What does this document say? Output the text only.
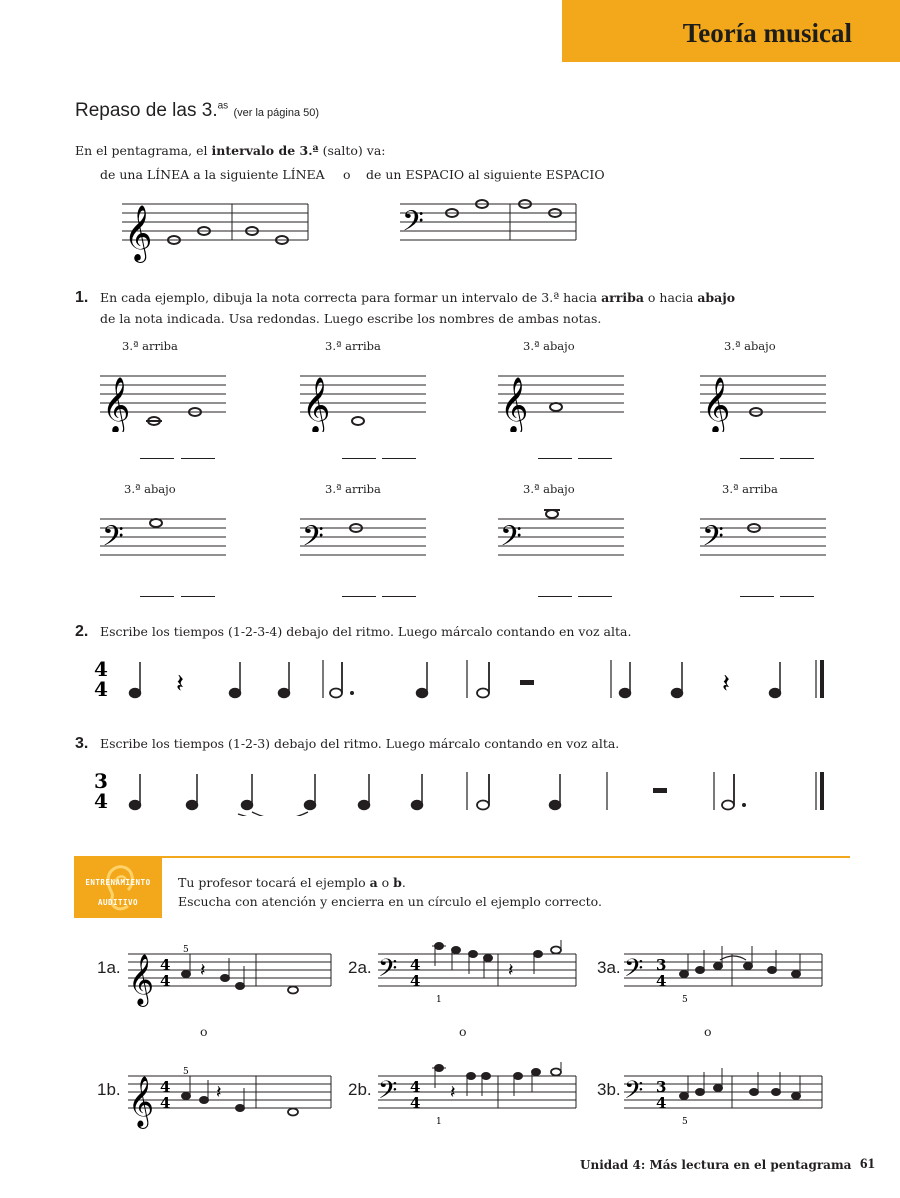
Teoría musical
Repaso de las 3.$^{as}$ (ver la página 50)
En el pentagrama, el intervalo de 3.ª (salto) va:
de una LÍNEA a la siguiente LÍNEA o de un ESPACIO al siguiente ESPACIO
𝄞	𝄢
1. En cada ejemplo, dibuja la nota correcta para formar un intervalo de 3.ª hacia arriba o hacia abajo
de la nota indicada. Usa redondas. Luego escribe los nombres de ambas notas.
3.ª arriba	3.ª arriba	3.ª abajo	3.ª abajo
𝄞	𝄞	𝄞	𝄞
3.ª abajo	3.ª arriba	3.ª abajo	3.ª arriba
𝄢	𝄢	𝄢	𝄢
2. Escribe los tiempos (1-2-3-4) debajo del ritmo. Luego márcalo contando en voz alta.
4
4	𝄽	𝄽
3. Escribe los tiempos (1-2-3) debajo del ritmo. Luego márcalo contando en voz alta.
3
4
ENTRENAMIENTO
AUDITIVO
Tu profesor tocará el ejemplo a o b.
Escucha con atención y encierra en un círculo el ejemplo correcto.
1a.	2a.	3a.
1b.	2b.	3b.
o	o	o
𝄞 4
4
5
𝄽	𝄢 4
4
1
𝄽	𝄢 3
4
5
𝄞 4
4
5
𝄽	𝄢 4
4
1
𝄽	𝄢 3
4
5
Unidad 4: Más lectura en el pentagrama 61
